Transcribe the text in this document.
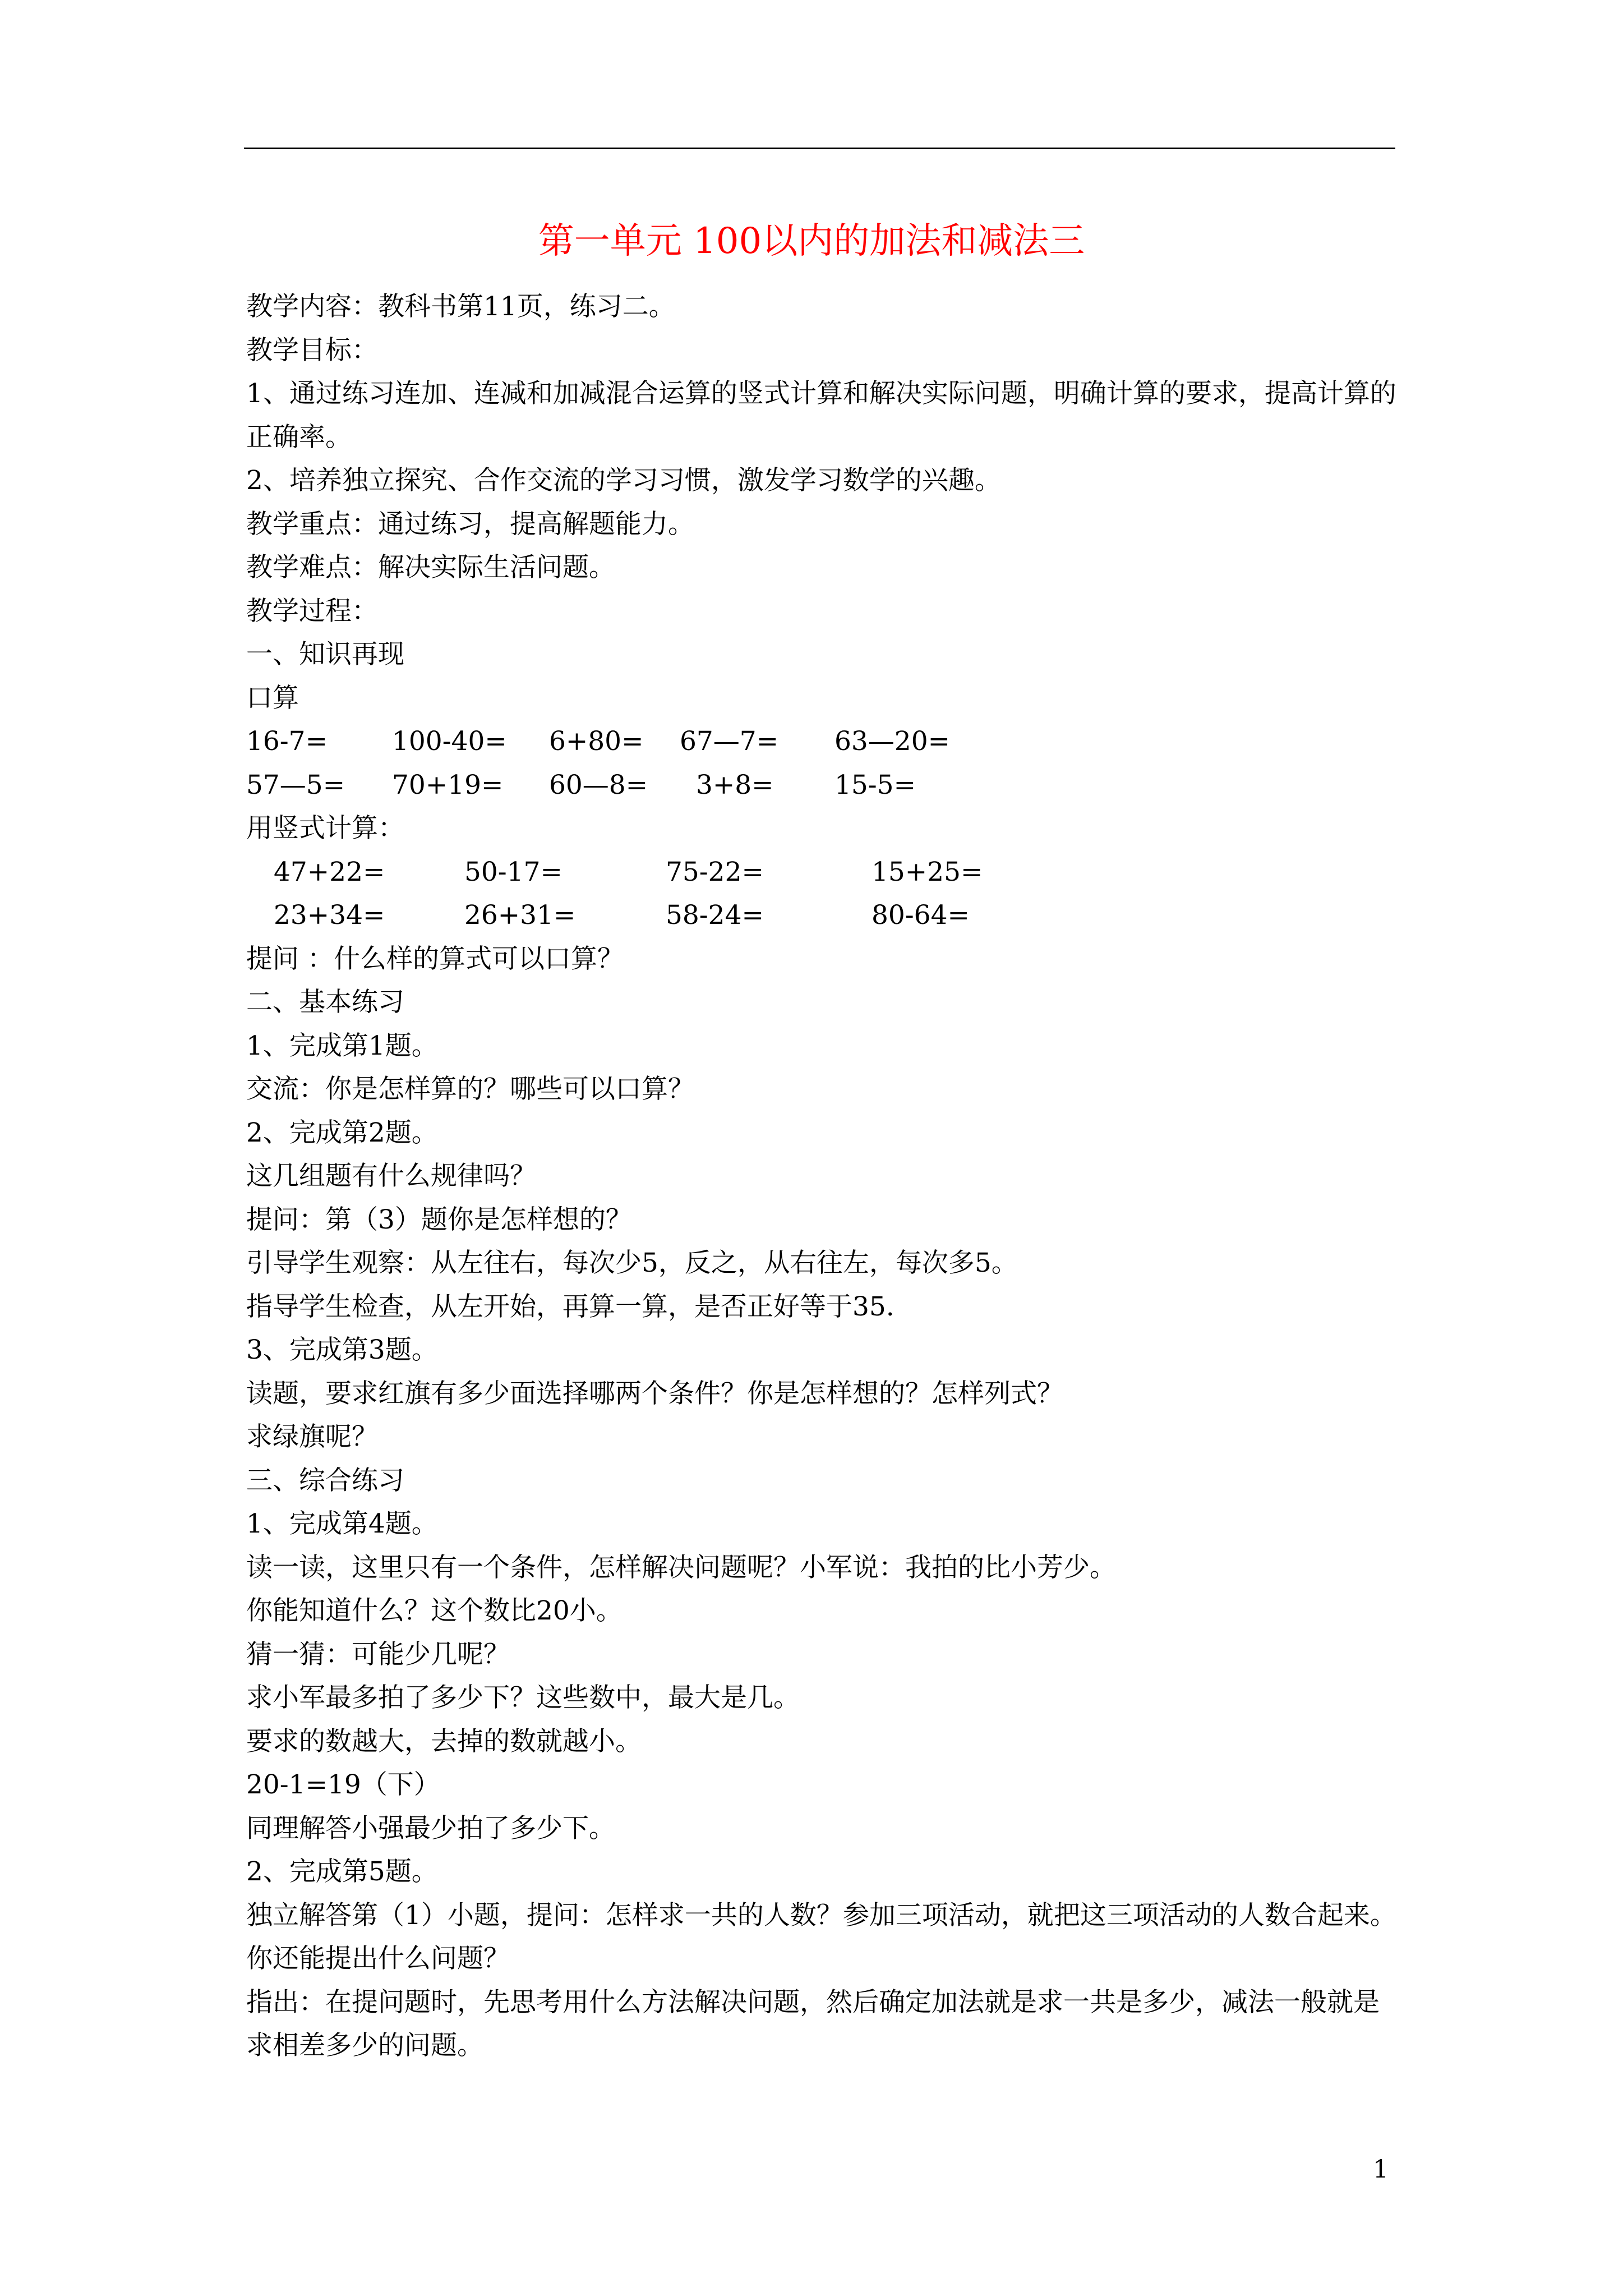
第一单元 100以内的加法和减法三
教学内容：教科书第11页，练习二。
教学目标：
1、通过练习连加、连减和加减混合运算的竖式计算和解决实际问题，明确计算的要求，提高计算的正确率。
2、培养独立探究、合作交流的学习习惯，激发学习数学的兴趣。
教学重点：通过练习，提高解题能力。
教学难点：解决实际生活问题。
教学过程：
一、知识再现
口算
16-7= 100-40= 6+80= 67—7= 63—20=
57—5= 70+19= 60—8= 3+8= 15-5=
用竖式计算：
47+22=	50-17=	75-22=	15+25=
23+34=	26+31=	58-24=	80-64=
提问 ：什么样的算式可以口算？
二、基本练习
1、完成第1题。
交流：你是怎样算的？哪些可以口算？
2、完成第2题。
这几组题有什么规律吗？
提问：第（3）题你是怎样想的？
引导学生观察：从左往右，每次少5，反之，从右往左，每次多5。
指导学生检查，从左开始，再算一算，是否正好等于35.
3、完成第3题。
读题，要求红旗有多少面选择哪两个条件？你是怎样想的？怎样列式？
求绿旗呢？
三、综合练习
1、完成第4题。
读一读，这里只有一个条件，怎样解决问题呢？小军说：我拍的比小芳少。
你能知道什么？这个数比20小。
猜一猜：可能少几呢？
求小军最多拍了多少下？这些数中，最大是几。
要求的数越大，去掉的数就越小。
20-1=19（下）
同理解答小强最少拍了多少下。
2、完成第5题。
独立解答第（1）小题，提问：怎样求一共的人数？参加三项活动，就把这三项活动的人数合起来。
你还能提出什么问题？
指出：在提问题时，先思考用什么方法解决问题，然后确定加法就是求一共是多少，减法一般就是求相差多少的问题。
1
